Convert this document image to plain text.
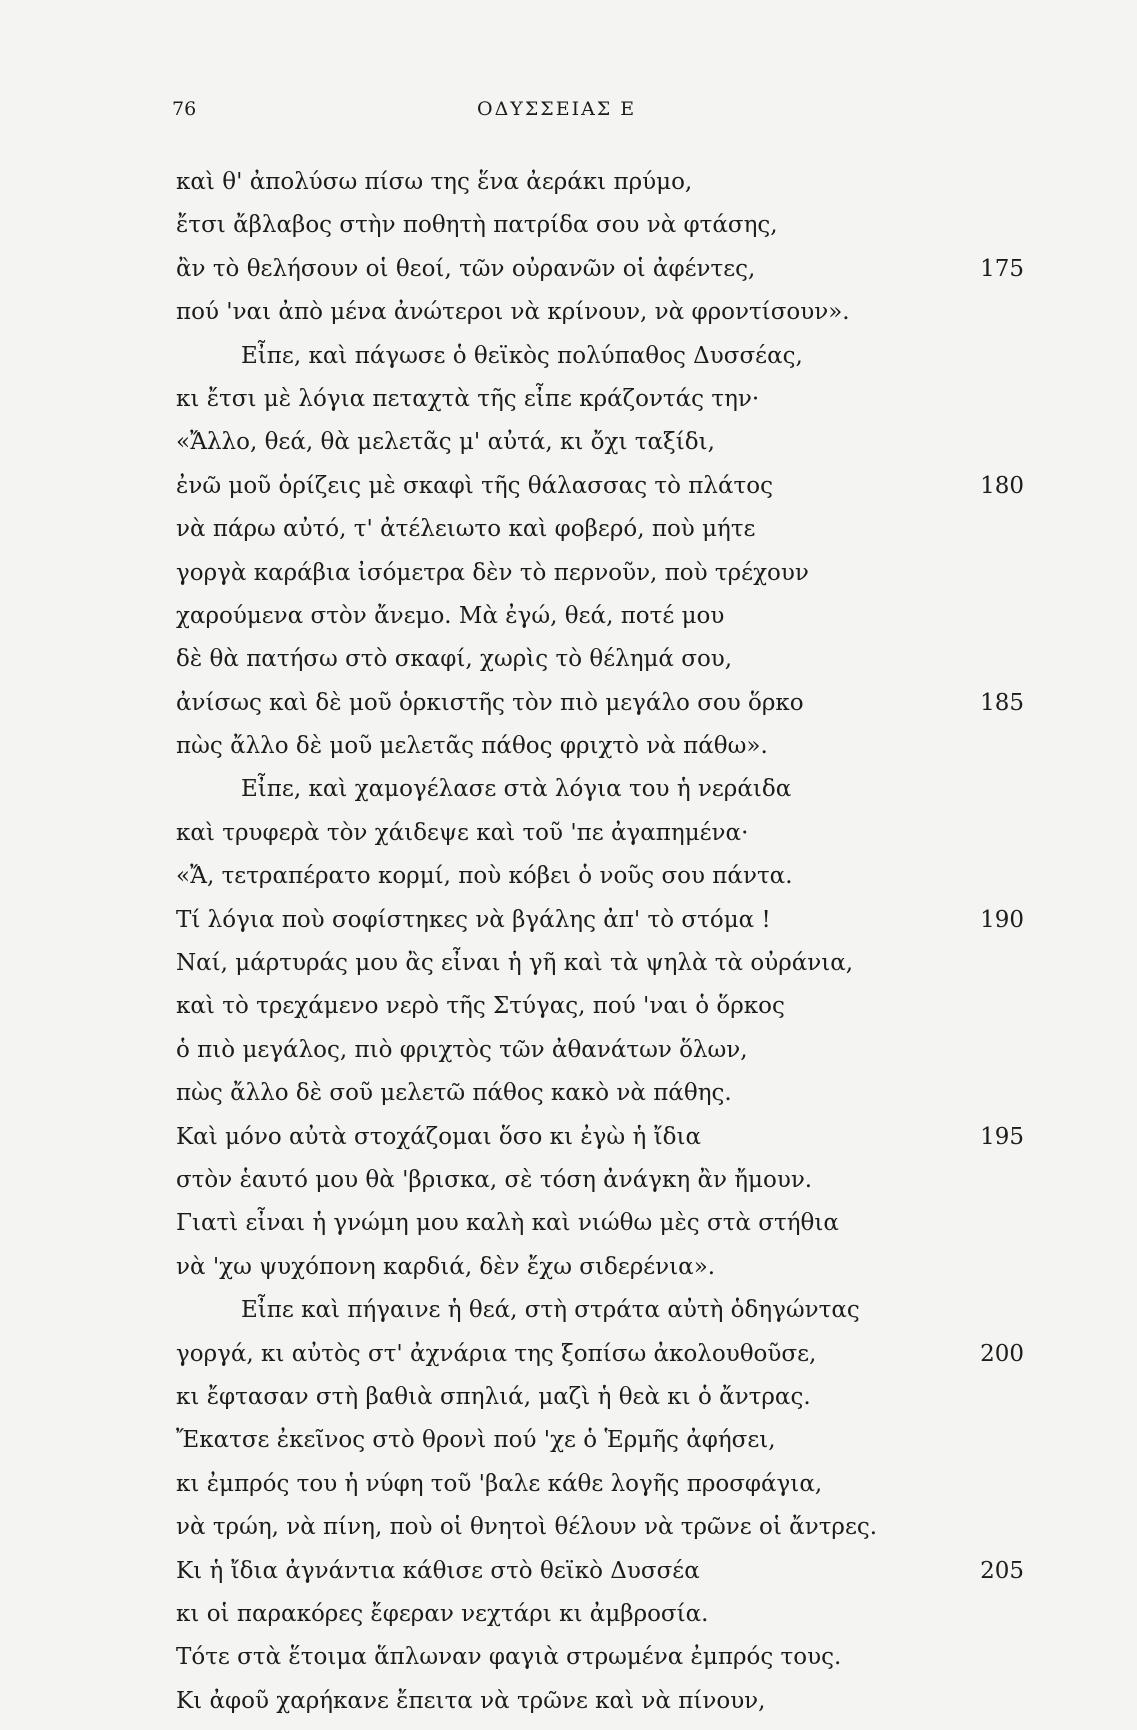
76	ΟΔΥΣΣΕΙΑΣ Ε
καὶ θ' ἀπολύσω πίσω της ἕνα ἀεράκι πρύμο,
ἔτσι ἄβλαβος στὴν ποθητὴ πατρίδα σου νὰ φτάσης,
ἂν τὸ θελήσουν οἱ θεοί, τῶν οὐρανῶν οἱ ἀφέντες,	175
πού 'ναι ἀπὸ μένα ἀνώτεροι νὰ κρίνουν, νὰ φροντίσουν».
Εἶπε, καὶ πάγωσε ὁ θεϊκὸς πολύπαθος Δυσσέας,
κι ἔτσι μὲ λόγια πεταχτὰ τῆς εἶπε κράζοντάς την·
«Ἄλλο, θεά, θὰ μελετᾶς μ' αὐτά, κι ὄχι ταξίδι,
ἐνῶ μοῦ ὁρίζεις μὲ σκαφὶ τῆς θάλασσας τὸ πλάτος	180
νὰ πάρω αὐτό, τ' ἀτέλειωτο καὶ φοβερό, ποὺ μήτε
γοργὰ καράβια ἰσόμετρα δὲν τὸ περνοῦν, ποὺ τρέχουν
χαρούμενα στὸν ἄνεμο. Μὰ ἐγώ, θεά, ποτέ μου
δὲ θὰ πατήσω στὸ σκαφί, χωρὶς τὸ θέλημά σου,
ἀνίσως καὶ δὲ μοῦ ὁρκιστῆς τὸν πιὸ μεγάλο σου ὅρκο	185
πὼς ἄλλο δὲ μοῦ μελετᾶς πάθος φριχτὸ νὰ πάθω».
Εἶπε, καὶ χαμογέλασε στὰ λόγια του ἡ νεράιδα
καὶ τρυφερὰ τὸν χάιδεψε καὶ τοῦ 'πε ἀγαπημένα·
«Ἄ, τετραπέρατο κορμί, ποὺ κόβει ὁ νοῦς σου πάντα.
Τί λόγια ποὺ σοφίστηκες νὰ βγάλης ἀπ' τὸ στόμα !	190
Ναί, μάρτυράς μου ἂς εἶναι ἡ γῆ καὶ τὰ ψηλὰ τὰ οὐράνια,
καὶ τὸ τρεχάμενο νερὸ τῆς Στύγας, πού 'ναι ὁ ὅρκος
ὁ πιὸ μεγάλος, πιὸ φριχτὸς τῶν ἀθανάτων ὅλων,
πὼς ἄλλο δὲ σοῦ μελετῶ πάθος κακὸ νὰ πάθης.
Καὶ μόνο αὐτὰ στοχάζομαι ὅσο κι ἐγὼ ἡ ἴδια	195
στὸν ἑαυτό μου θὰ 'βρισκα, σὲ τόση ἀνάγκη ἂν ἤμουν.
Γιατὶ εἶναι ἡ γνώμη μου καλὴ καὶ νιώθω μὲς στὰ στήθια
νὰ 'χω ψυχόπονη καρδιά, δὲν ἔχω σιδερένια».
Εἶπε καὶ πήγαινε ἡ θεά, στὴ στράτα αὐτὴ ὁδηγώντας
γοργά, κι αὐτὸς στ' ἀχνάρια της ξοπίσω ἀκολουθοῦσε,	200
κι ἔφτασαν στὴ βαθιὰ σπηλιά, μαζὶ ἡ θεὰ κι ὁ ἄντρας.
Ἔκατσε ἐκεῖνος στὸ θρονὶ πού 'χε ὁ Ἑρμῆς ἀφήσει,
κι ἐμπρός του ἡ νύφη τοῦ 'βαλε κάθε λογῆς προσφάγια,
νὰ τρώη, νὰ πίνη, ποὺ οἱ θνητοὶ θέλουν νὰ τρῶνε οἱ ἄντρες.
Κι ἡ ἴδια ἀγνάντια κάθισε στὸ θεϊκὸ Δυσσέα	205
κι οἱ παρακόρες ἔφεραν νεχτάρι κι ἀμβροσία.
Τότε στὰ ἕτοιμα ἅπλωναν φαγιὰ στρωμένα ἐμπρός τους.
Κι ἀφοῦ χαρήκανε ἔπειτα νὰ τρῶνε καὶ νὰ πίνουν,
